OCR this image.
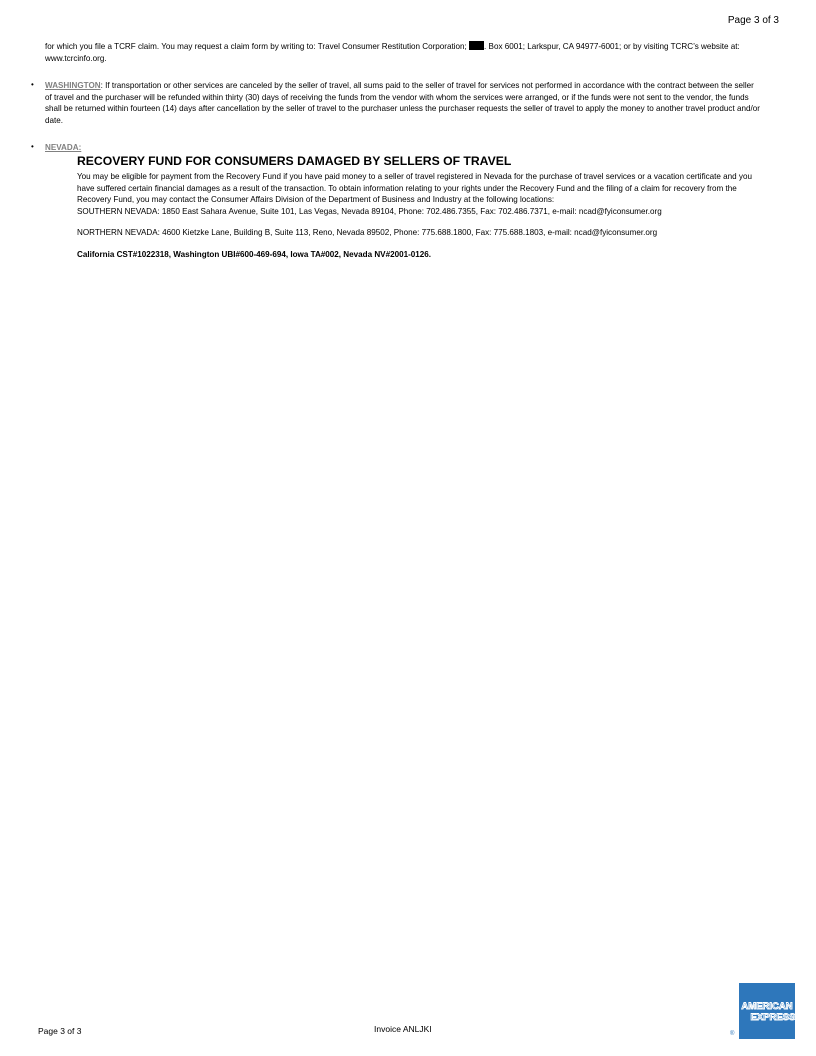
Page 3 of 3
for which you file a TCRF claim. You may request a claim form by writing to: Travel Consumer Restitution Corporation; . Box 6001; Larkspur, CA 94977-6001; or by visiting TCRC’s website at: www.tcrcinfo.org.
• WASHINGTON: If transportation or other services are canceled by the seller of travel, all sums paid to the seller of travel for services not performed in accordance with the contract between the seller of travel and the purchaser will be refunded within thirty (30) days of receiving the funds from the vendor with whom the services were arranged, or if the funds were not sent to the vendor, the funds shall be returned within fourteen (14) days after cancellation by the seller of travel to the purchaser unless the purchaser requests the seller of travel to apply the money to another travel product and/or date.
• NEVADA:
RECOVERY FUND FOR CONSUMERS DAMAGED BY SELLERS OF TRAVEL

You may be eligible for payment from the Recovery Fund if you have paid money to a seller of travel registered in Nevada for the purchase of travel services or a vacation certificate and you have suffered certain financial damages as a result of the transaction. To obtain information relating to your rights under the Recovery Fund and the filing of a claim for recovery from the Recovery Fund, you may contact the Consumer Affairs Division of the Department of Business and Industry at the following locations:

SOUTHERN NEVADA: 1850 East Sahara Avenue, Suite 101, Las Vegas, Nevada 89104, Phone: 702.486.7355, Fax: 702.486.7371, e-mail: ncad@fyiconsumer.org

NORTHERN NEVADA: 4600 Kietzke Lane, Building B, Suite 113, Reno, Nevada 89502, Phone: 775.688.1800, Fax: 775.688.1803, e-mail: ncad@fyiconsumer.org

California CST#1022318, Washington UBI#600-469-694, Iowa TA#002, Nevada NV#2001-0126.

Page 3 of 3	Invoice ANLJKI
AMERICAN
EXPRESS
®
